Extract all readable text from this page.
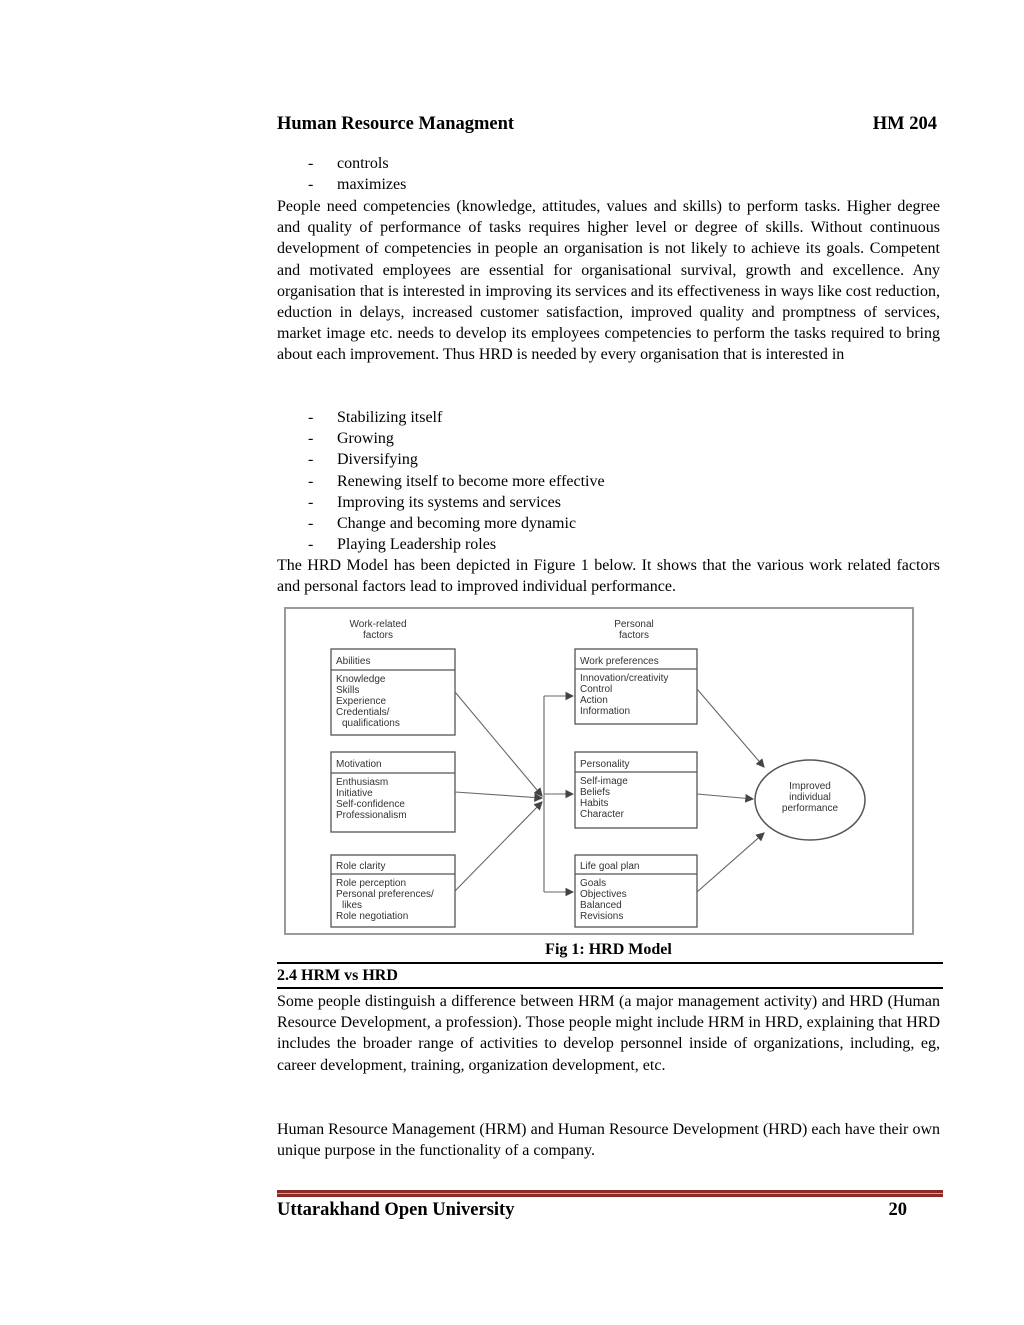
Human Resource Managment	HM 204
- controls
- maximizes
People need competencies (knowledge, attitudes, values and skills) to perform tasks. Higher degree and quality of performance of tasks requires higher level or degree of skills. Without continuous development of competencies in people an organisation is not likely to achieve its goals. Competent and motivated employees are essential for organisational survival, growth and excellence. Any organisation that is interested in improving its services and its effectiveness in ways like cost reduction, eduction in delays, increased customer satisfaction, improved quality and promptness of services, market image etc. needs to develop its employees competencies to perform the tasks required to bring about each improvement. Thus HRD is needed by every organisation that is interested in
- Stabilizing itself
- Growing
- Diversifying
- Renewing itself to become more effective
- Improving its systems and services
- Change and becoming more dynamic
- Playing Leadership roles
The HRD Model has been depicted in Figure 1 below. It shows that the various work related factors and personal factors lead to improved individual performance.
Work-related
factors
Personal
factors
Abilities
Knowledge
Skills
Experience
Credentials/
qualifications
Motivation
Enthusiasm
Initiative
Self-confidence
Professionalism
Role clarity
Role perception
Personal preferences/
likes
Role negotiation
Work preferences
Innovation/creativity
Control
Action
Information
Personality
Self-image
Beliefs
Habits
Character
Life goal plan
Goals
Objectives
Balanced
Revisions
Improved
individual
performance
Fig 1: HRD Model
2.4 HRM vs HRD
Some people distinguish a difference between HRM (a major management activity) and HRD (Human Resource Development, a profession). Those people might include HRM in HRD, explaining that HRD includes the broader range of activities to develop personnel inside of organizations, including, eg, career development, training, organization development, etc.
Human Resource Management (HRM) and Human Resource Development (HRD) each have their own unique purpose in the functionality of a company.
Uttarakhand Open University	20
